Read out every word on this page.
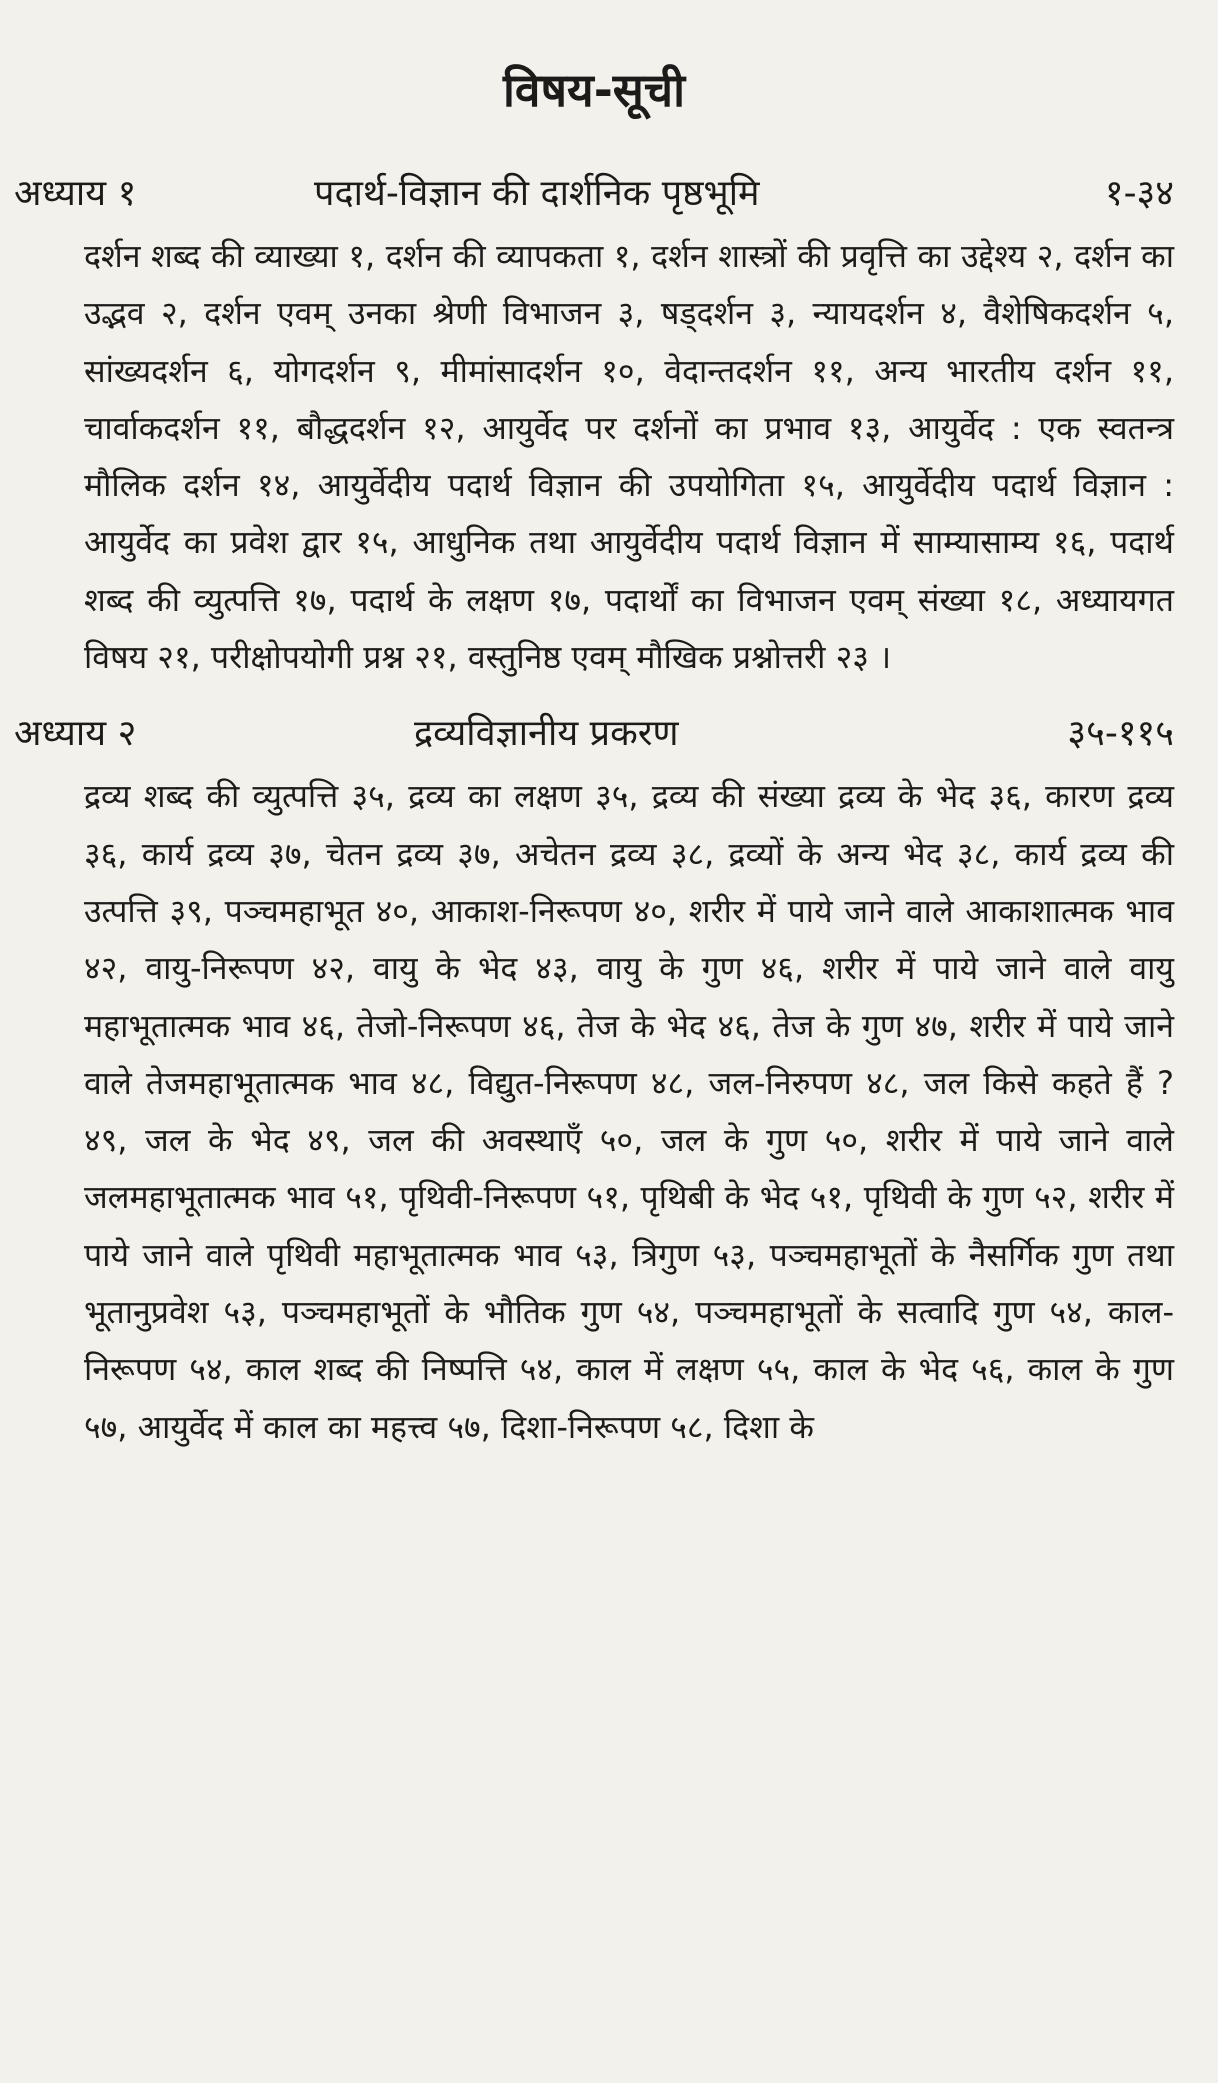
विषय-सूची
अध्याय १	पदार्थ-विज्ञान की दार्शनिक पृष्ठभूमि	१-३४

दर्शन शब्द की व्याख्या १, दर्शन की व्यापकता १, दर्शन शास्त्रों की प्रवृत्ति का उद्देश्य २, दर्शन का उद्भव २, दर्शन एवम् उनका श्रेणी विभाजन ३, षड्दर्शन ३, न्यायदर्शन ४, वैशेषिकदर्शन ५, सांख्यदर्शन ६, योगदर्शन ९, मीमांसादर्शन १०, वेदान्तदर्शन ११, अन्य भारतीय दर्शन ११, चार्वाकदर्शन ११, बौद्धदर्शन १२, आयुर्वेद पर दर्शनों का प्रभाव १३, आयुर्वेद : एक स्वतन्त्र मौलिक दर्शन १४, आयुर्वेदीय पदार्थ विज्ञान की उपयोगिता १५, आयुर्वेदीय पदार्थ विज्ञान : आयुर्वेद का प्रवेश द्वार १५, आधुनिक तथा आयुर्वेदीय पदार्थ विज्ञान में साम्यासाम्य १६, पदार्थ शब्द की व्युत्पत्ति १७, पदार्थ के लक्षण १७, पदार्थों का विभाजन एवम् संख्या १८, अध्यायगत विषय २१, परीक्षोपयोगी प्रश्न २१, वस्तुनिष्ठ एवम् मौखिक प्रश्नोत्तरी २३ ।

अध्याय २	द्रव्यविज्ञानीय प्रकरण	३५-११५

द्रव्य शब्द की व्युत्पत्ति ३५, द्रव्य का लक्षण ३५, द्रव्य की संख्या द्रव्य के भेद ३६, कारण द्रव्य ३६, कार्य द्रव्य ३७, चेतन द्रव्य ३७, अचेतन द्रव्य ३८, द्रव्यों के अन्य भेद ३८, कार्य द्रव्य की उत्पत्ति ३९, पञ्चमहाभूत ४०, आकाश-निरूपण ४०, शरीर में पाये जाने वाले आकाशात्मक भाव ४२, वायु-निरूपण ४२, वायु के भेद ४३, वायु के गुण ४६, शरीर में पाये जाने वाले वायु महाभूतात्मक भाव ४६, तेजो-निरूपण ४६, तेज के भेद ४६, तेज के गुण ४७, शरीर में पाये जाने वाले तेजमहाभूतात्मक भाव ४८, विद्युत-निरूपण ४८, जल-निरुपण ४८, जल किसे कहते हैं ? ४९, जल के भेद ४९, जल की अवस्थाएँ ५०, जल के गुण ५०, शरीर में पाये जाने वाले जलमहाभूतात्मक भाव ५१, पृथिवी-निरूपण ५१, पृथिबी के भेद ५१, पृथिवी के गुण ५२, शरीर में पाये जाने वाले पृथिवी महाभूतात्मक भाव ५३, त्रिगुण ५३, पञ्चमहाभूतों के नैसर्गिक गुण तथा भूतानुप्रवेश ५३, पञ्चमहाभूतों के भौतिक गुण ५४, पञ्चमहाभूतों के सत्वादि गुण ५४, काल-निरूपण ५४, काल शब्द की निष्पत्ति ५४, काल में लक्षण ५५, काल के भेद ५६, काल के गुण ५७, आयुर्वेद में काल का महत्त्व ५७, दिशा-निरूपण ५८, दिशा के
